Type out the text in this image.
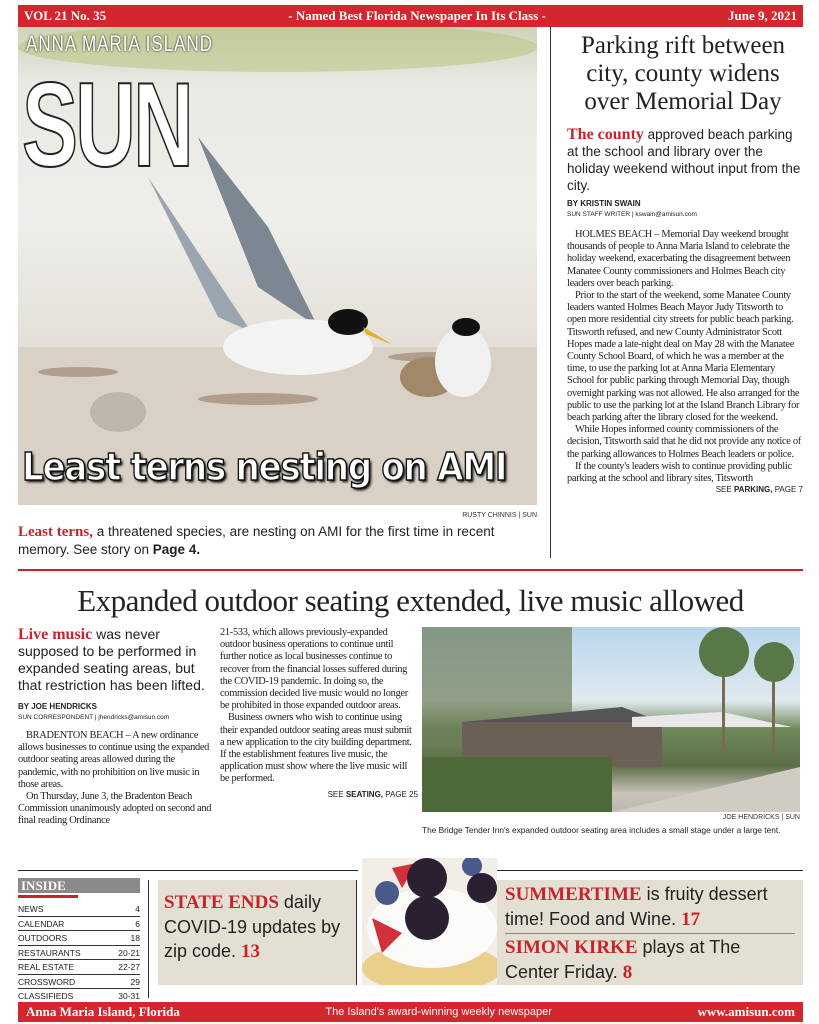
VOL 21 No. 35	- Named Best Florida Newspaper In Its Class -	June 9, 2021
ANNA MARIA ISLAND
SUN
Least terns nesting on AMI
RUSTY CHINNIS | SUN
Least terns, a threatened species, are nesting on AMI for the first time in recent memory. See story on Page 4.
Parking rift between city, county widens over Memorial Day
The county approved beach parking at the school and library over the holiday weekend without input from the city.
BY KRISTIN SWAIN
SUN STAFF WRITER | kswain@amisun.com

HOLMES BEACH – Memorial Day weekend brought thousands of people to Anna Maria Island to celebrate the holiday weekend, exacerbating the disagreement between Manatee County commissioners and Holmes Beach city leaders over beach parking.

Prior to the start of the weekend, some Manatee County leaders wanted Holmes Beach Mayor Judy Titsworth to open more residential city streets for public beach parking. Titsworth refused, and new County Administrator Scott Hopes made a late-night deal on May 28 with the Manatee County School Board, of which he was a member at the time, to use the parking lot at Anna Maria Elementary School for public parking through Memorial Day, though overnight parking was not allowed. He also arranged for the public to use the parking lot at the Island Branch Library for beach parking after the library closed for the weekend.

While Hopes informed county commissioners of the decision, Titsworth said that he did not provide any notice of the parking allowances to Holmes Beach leaders or police.

If the county's leaders wish to continue providing public parking at the school and library sites, Titsworth

SEE PARKING, PAGE 7
Expanded outdoor seating extended, live music allowed
Live music was never supposed to be performed in expanded seating areas, but that restriction has been lifted.
BY JOE HENDRICKS
SUN CORRESPONDENT | jhendricks@amisun.com

BRADENTON BEACH – A new ordinance allows businesses to continue using the expanded outdoor seating areas allowed during the pandemic, with no prohibition on live music in those areas.

On Thursday, June 3, the Bradenton Beach Commission unanimously adopted on second and final reading Ordinance

21-533, which allows previously-expanded outdoor business operations to continue until further notice as local businesses continue to recover from the financial losses suffered during the COVID-19 pandemic. In doing so, the commission decided live music would no longer be prohibited in those expanded outdoor areas.

Business owners who wish to continue using their expanded outdoor seating areas must submit a new application to the city building department. If the establishment features live music, the application must show where the live music will be performed.

SEE SEATING, PAGE 25
JOE HENDRICKS | SUN
The Bridge Tender Inn's expanded outdoor seating area includes a small stage under a large tent.
INSIDE
NEWS	4
CALENDAR	6
OUTDOORS	18
RESTAURANTS	20-21
REAL ESTATE	22-27
CROSSWORD	29
CLASSIFIEDS	30-31
STATE ENDS daily COVID-19 updates by zip code. 13
SUMMERTIME is fruity dessert time! Food and Wine. 17
SIMON KIRKE plays at The Center Friday. 8
Anna Maria Island, Florida	The Island's award-winning weekly newspaper	www.amisun.com
